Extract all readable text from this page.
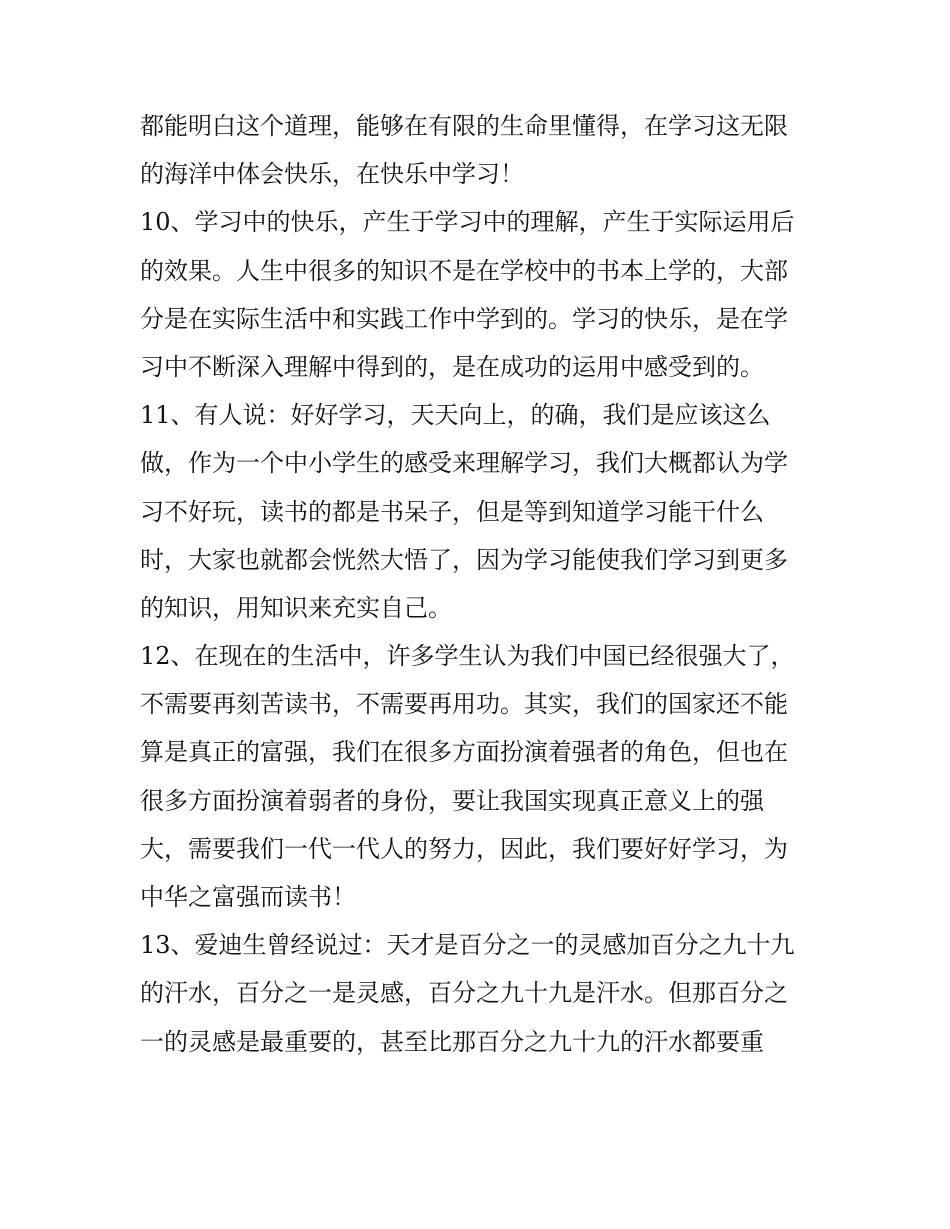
都能明白这个道理，能够在有限的生命里懂得，在学习这无限
的海洋中体会快乐，在快乐中学习！
10、学习中的快乐，产生于学习中的理解，产生于实际运用后
的效果。人生中很多的知识不是在学校中的书本上学的，大部
分是在实际生活中和实践工作中学到的。学习的快乐，是在学
习中不断深入理解中得到的，是在成功的运用中感受到的。
11、有人说：好好学习，天天向上，的确，我们是应该这么
做，作为一个中小学生的感受来理解学习，我们大概都认为学
习不好玩，读书的都是书呆子，但是等到知道学习能干什么
时，大家也就都会恍然大悟了，因为学习能使我们学习到更多
的知识，用知识来充实自己。
12、在现在的生活中，许多学生认为我们中国已经很强大了，
不需要再刻苦读书，不需要再用功。其实，我们的国家还不能
算是真正的富强，我们在很多方面扮演着强者的角色，但也在
很多方面扮演着弱者的身份，要让我国实现真正意义上的强
大，需要我们一代一代人的努力，因此，我们要好好学习，为
中华之富强而读书！
13、爱迪生曾经说过：天才是百分之一的灵感加百分之九十九
的汗水，百分之一是灵感，百分之九十九是汗水。但那百分之
一的灵感是最重要的，甚至比那百分之九十九的汗水都要重
